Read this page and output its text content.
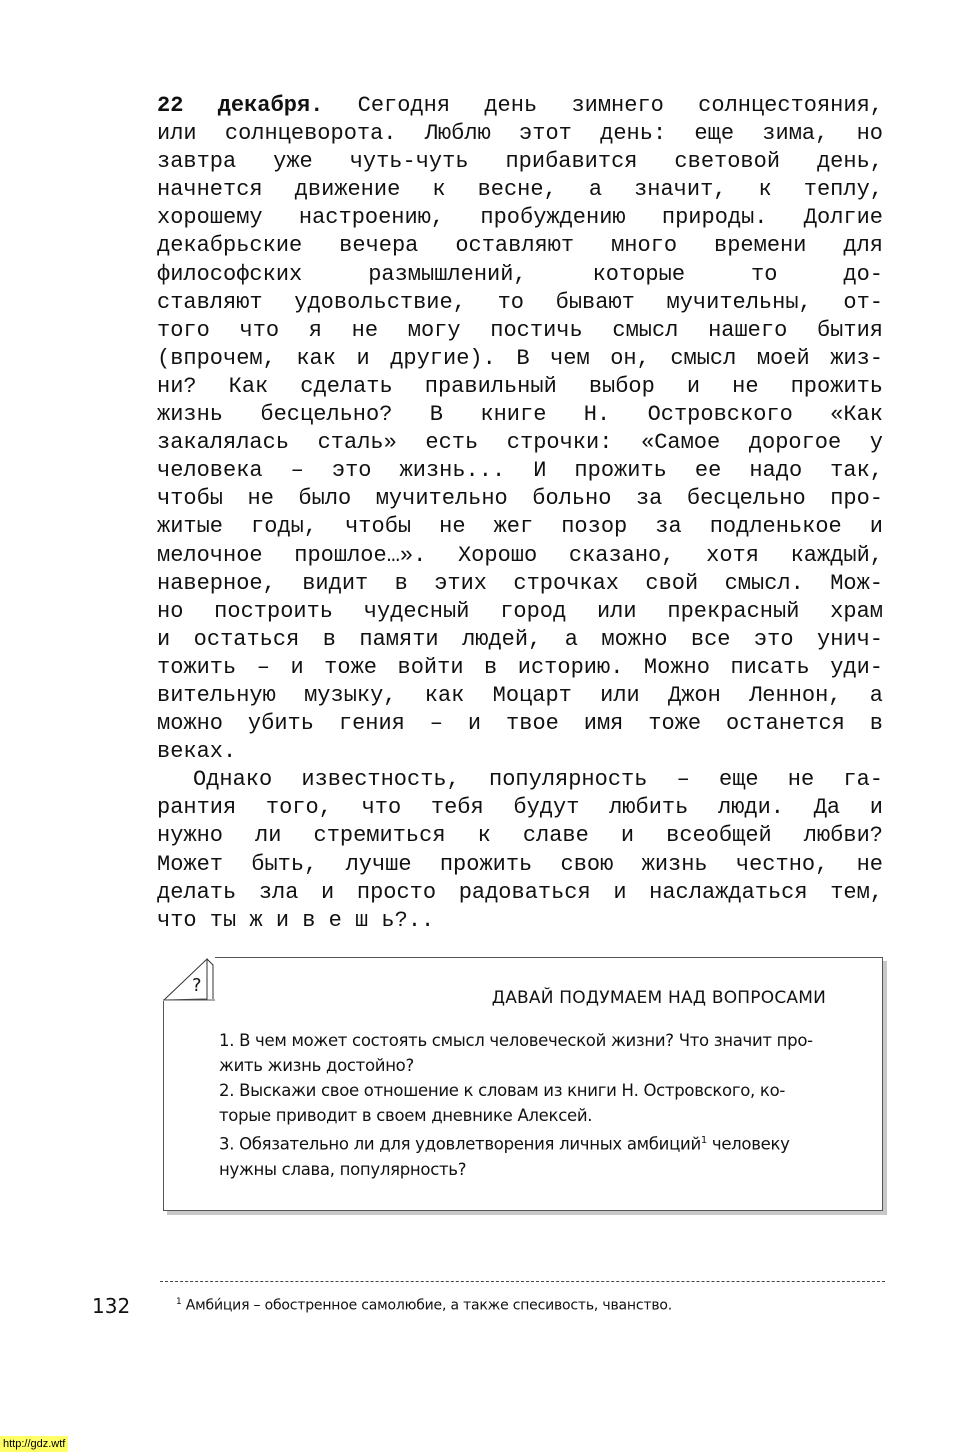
22 декабря. Сегодня день зимнего солнцестояния,
или солнцеворота. Люблю этот день: еще зима, но
завтра уже чуть-чуть прибавится световой день,
начнется движение к весне, а значит, к теплу,
хорошему настроению, пробуждению природы. Долгие
декабрьские вечера оставляют много времени для
философских размышлений, которые то до-
ставляют удовольствие, то бывают мучительны, от-
того что я не могу постичь смысл нашего бытия
(впрочем, как и другие). В чем он, смысл моей жиз-
ни? Как сделать правильный выбор и не прожить
жизнь бесцельно? В книге Н. Островского «Как
закалялась сталь» есть строчки: «Самое дорогое у
человека – это жизнь... И прожить ее надо так,
чтобы не было мучительно больно за бесцельно про-
житые годы, чтобы не жег позор за подленькое и
мелочное прошлое…». Хорошо сказано, хотя каждый,
наверное, видит в этих строчках свой смысл. Мож-
но построить чудесный город или прекрасный храм
и остаться в памяти людей, а можно все это унич-
тожить – и тоже войти в историю. Можно писать уди-
вительную музыку, как Моцарт или Джон Леннон, а
можно убить гения – и твое имя тоже останется в
веках.

Однако известность, популярность – еще не га-
рантия того, что тебя будут любить люди. Да и
нужно ли стремиться к славе и всеобщей любви?
Может быть, лучше прожить свою жизнь честно, не
делать зла и просто радоваться и наслаждаться тем,
что ты ж и в е ш ь?..

?
ДАВАЙ ПОДУМАЕМ НАД ВОПРОСАМИ

1. В чем может состоять смысл человеческой жизни? Что значит про-
жить жизнь достойно?

2. Выскажи свое отношение к словам из книги Н. Островского, ко-
торые приводит в своем дневнике Алексей.

3. Обязательно ли для удовлетворения личных амбиций$^1$ человеку
нужны слава, популярность?

132	$^1$ Амби́ция – обостренное самолюбие, а также спесивость, чванство.
http://gdz.wtf
